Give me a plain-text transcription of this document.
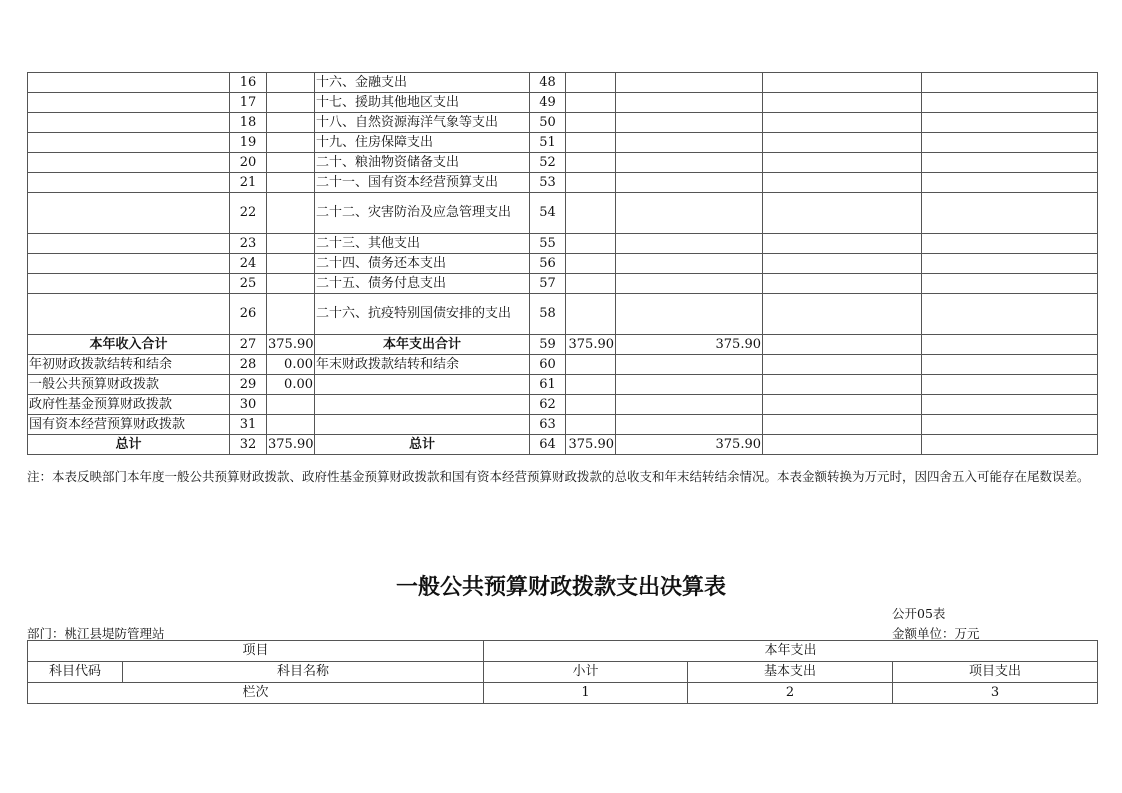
	16		十六、金融支出	48				
	17		十七、援助其他地区支出	49				
	18		十八、自然资源海洋气象等支出	50				
	19		十九、住房保障支出	51				
	20		二十、粮油物资储备支出	52				
	21		二十一、国有资本经营预算支出	53				
	22		二十二、灾害防治及应急管理支出	54				
	23		二十三、其他支出	55				
	24		二十四、债务还本支出	56				
	25		二十五、债务付息支出	57				
	26		二十六、抗疫特别国债安排的支出	58				
本年收入合计	27	375.90	本年支出合计	59	375.90	375.90		
年初财政拨款结转和结余	28	0.00	年末财政拨款结转和结余	60				
一般公共预算财政拨款	29	0.00		61				
政府性基金预算财政拨款	30			62				
国有资本经营预算财政拨款	31			63				
总计	32	375.90	总计	64	375.90	375.90		
注：本表反映部门本年度一般公共预算财政拨款、政府性基金预算财政拨款和国有资本经营预算财政拨款的总收支和年末结转结余情况。本表金额转换为万元时，因四舍五入可能存在尾数误差。
一般公共预算财政拨款支出决算表
公开05表
部门：桃江县堤防管理站	金额单位：万元
项目		本年支出		
科目代码	科目名称	小计	基本支出	项目支出
栏次		1	2	3
